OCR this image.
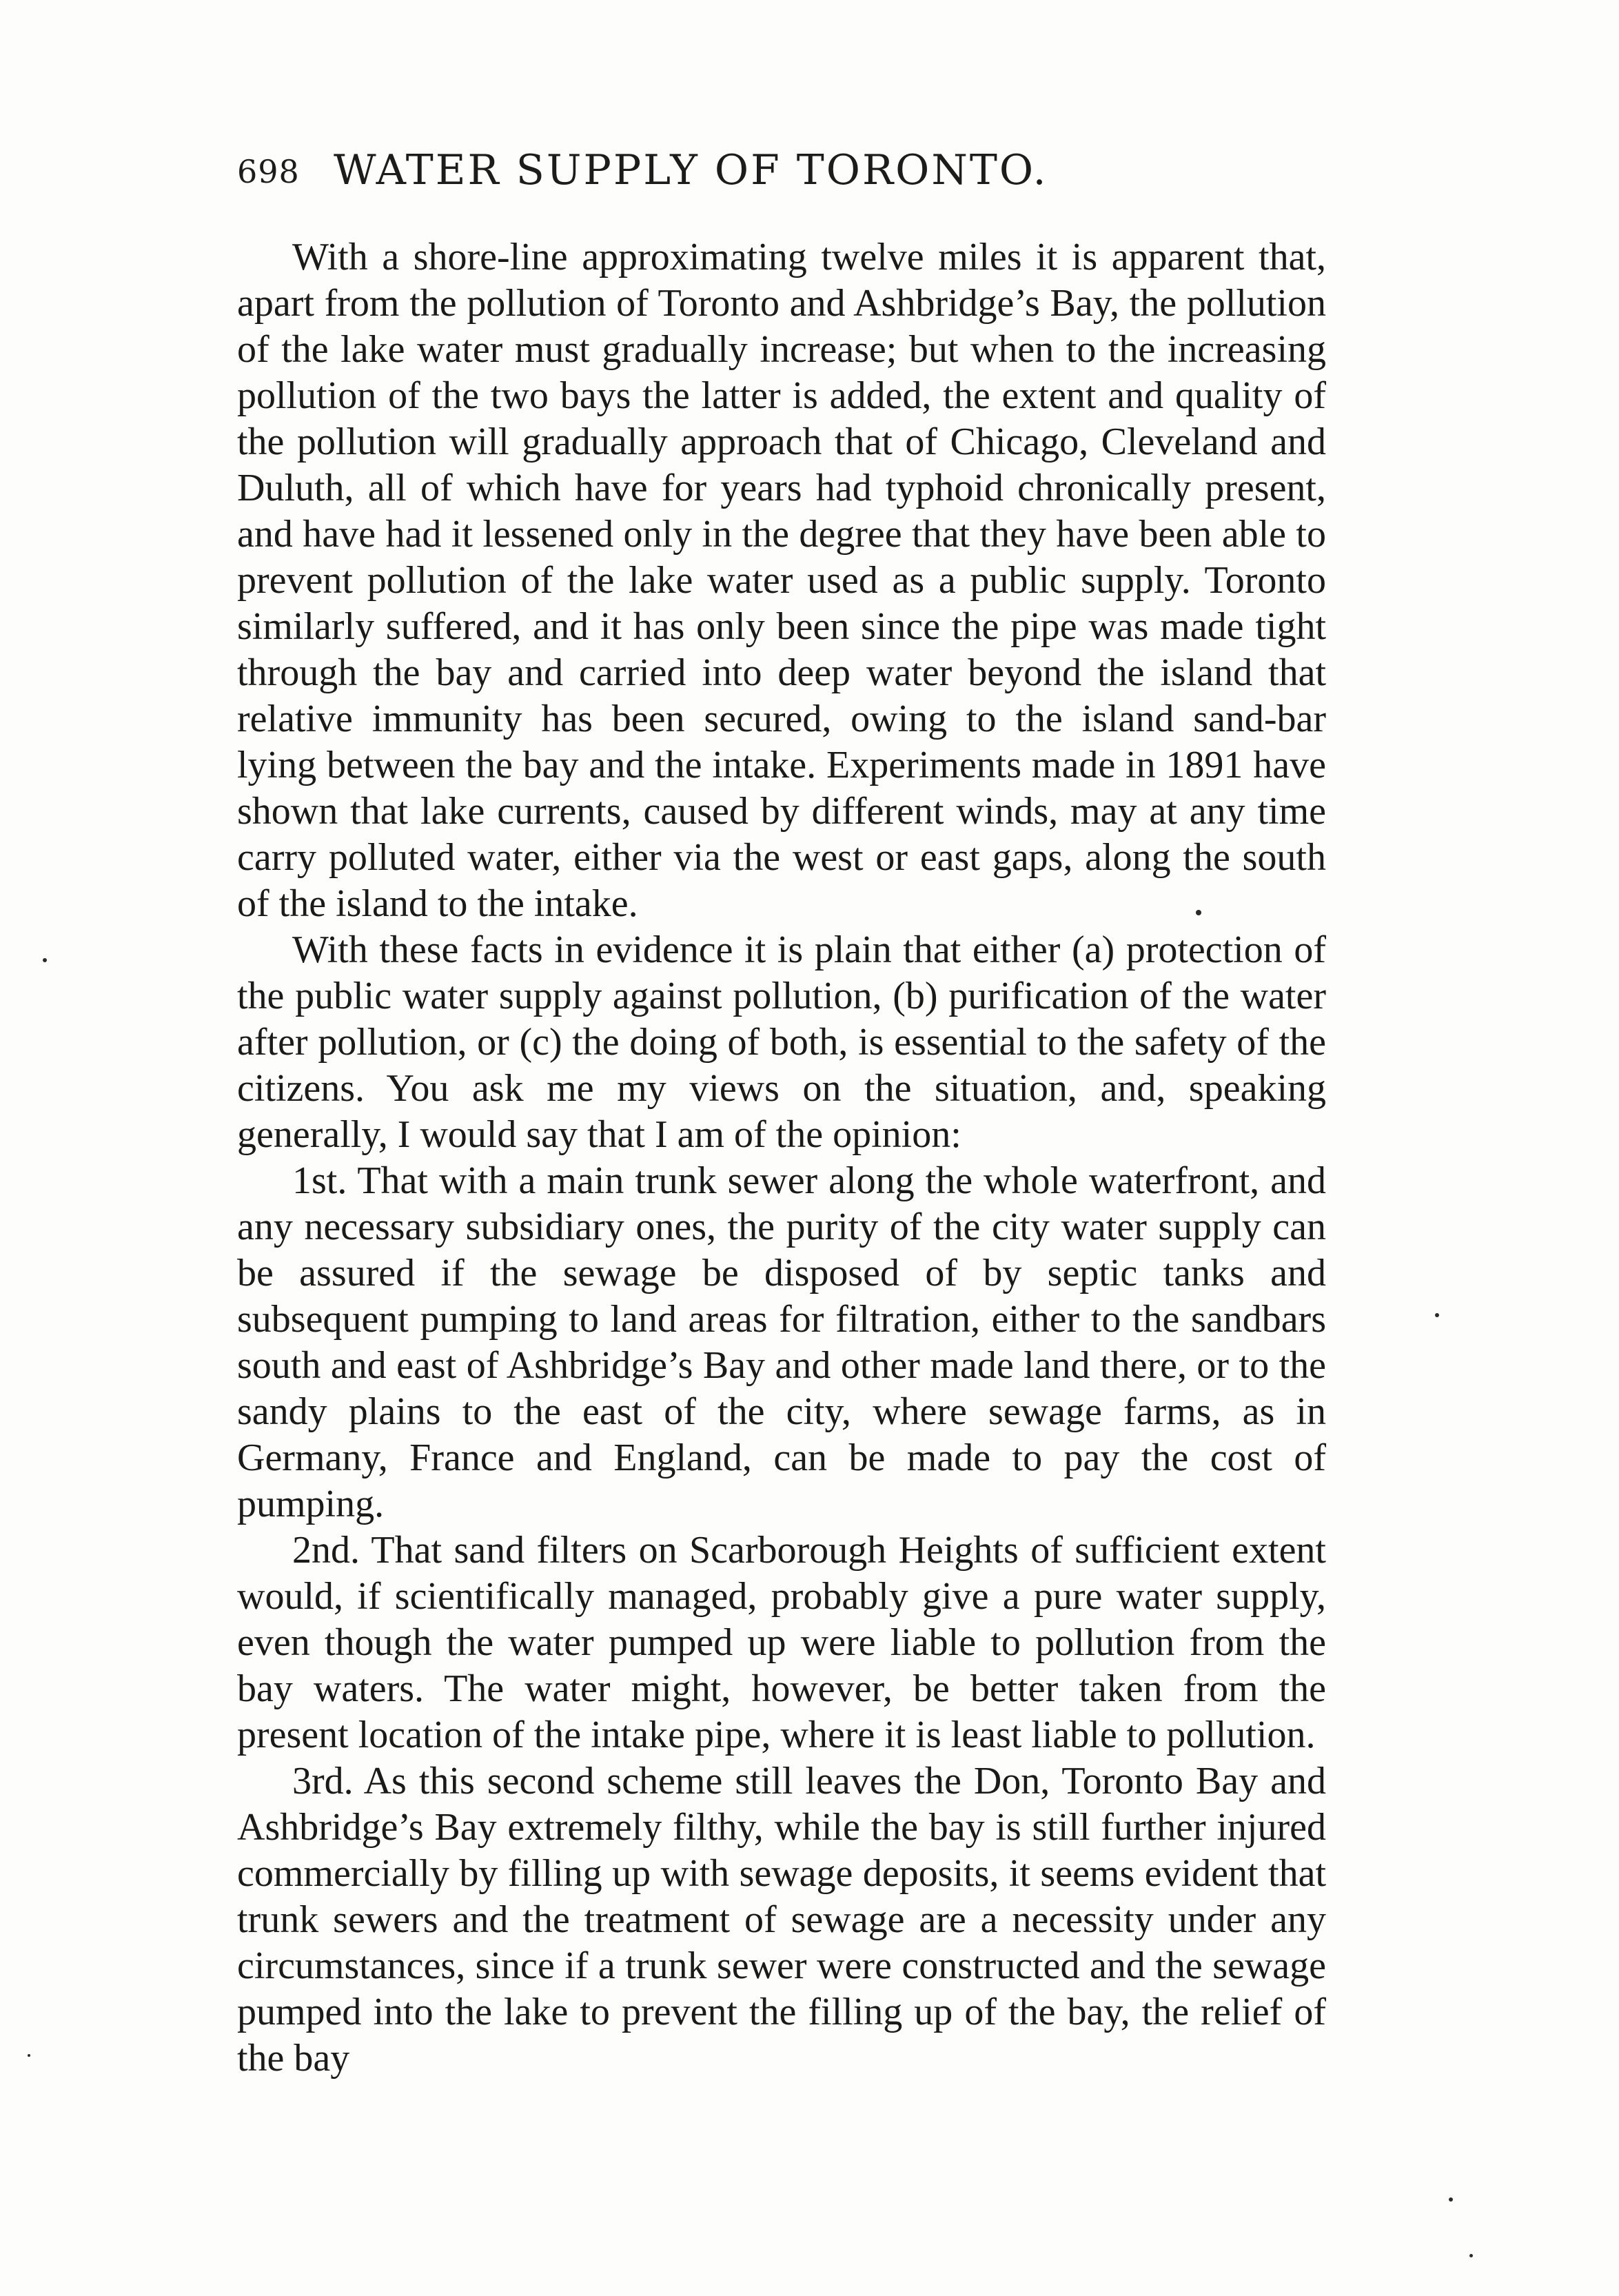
698 WATER SUPPLY OF TORONTO.

With a shore-line approximating twelve miles it is apparent that, apart from the pollution of Toronto and Ashbridge’s Bay, the pollution of the lake water must gradually increase; but when to the increasing pollution of the two bays the latter is added, the extent and quality of the pollution will gradually approach that of Chicago, Cleveland and Duluth, all of which have for years had typhoid chronically present, and have had it lessened only in the degree that they have been able to prevent pollution of the lake water used as a public supply. Toronto similarly suffered, and it has only been since the pipe was made tight through the bay and carried into deep water beyond the island that relative immunity has been secured, owing to the island sand-bar lying between the bay and the intake. Experiments made in 1891 have shown that lake currents, caused by different winds, may at any time carry polluted water, either via the west or east gaps, along the south of the island to the intake.

With these facts in evidence it is plain that either (a) protection of the public water supply against pollution, (b) purification of the water after pollution, or (c) the doing of both, is essential to the safety of the citizens. You ask me my views on the situation, and, speaking generally, I would say that I am of the opinion:

1st. That with a main trunk sewer along the whole waterfront, and any necessary subsidiary ones, the purity of the city water supply can be assured if the sewage be disposed of by septic tanks and subsequent pumping to land areas for filtration, either to the sandbars south and east of Ashbridge’s Bay and other made land there, or to the sandy plains to the east of the city, where sewage farms, as in Germany, France and England, can be made to pay the cost of pumping.

2nd. That sand filters on Scarborough Heights of sufficient extent would, if scientifically managed, probably give a pure water supply, even though the water pumped up were liable to pollution from the bay waters. The water might, however, be better taken from the present location of the intake pipe, where it is least liable to pollution.

3rd. As this second scheme still leaves the Don, Toronto Bay and Ashbridge’s Bay extremely filthy, while the bay is still further injured commercially by filling up with sewage deposits, it seems evident that trunk sewers and the treatment of sewage are a necessity under any circumstances, since if a trunk sewer were constructed and the sewage pumped into the lake to prevent the filling up of the bay, the relief of the bay
